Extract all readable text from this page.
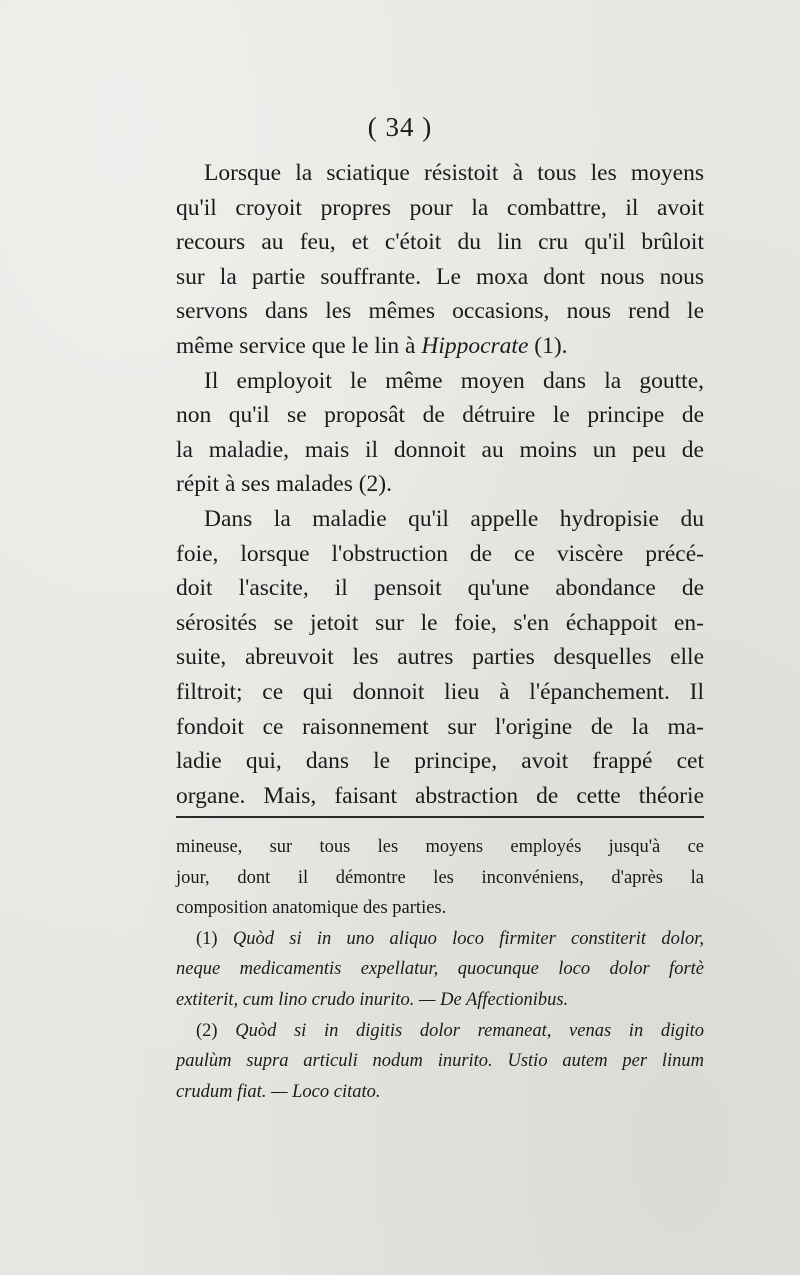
( 34 )
Lorsque la sciatique résistoit à tous les moyens
qu'il croyoit propres pour la combattre, il avoit
recours au feu, et c'étoit du lin cru qu'il brûloit
sur la partie souffrante. Le moxa dont nous nous
servons dans les mêmes occasions, nous rend le
même service que le lin à Hippocrate (1).
Il employoit le même moyen dans la goutte,
non qu'il se proposât de détruire le principe de
la maladie, mais il donnoit au moins un peu de
répit à ses malades (2).
Dans la maladie qu'il appelle hydropisie du
foie, lorsque l'obstruction de ce viscère précé-
doit l'ascite, il pensoit qu'une abondance de
sérosités se jetoit sur le foie, s'en échappoit en-
suite, abreuvoit les autres parties desquelles elle
filtroit; ce qui donnoit lieu à l'épanchement. Il
fondoit ce raisonnement sur l'origine de la ma-
ladie qui, dans le principe, avoit frappé cet
organe. Mais, faisant abstraction de cette théorie
mineuse, sur tous les moyens employés jusqu'à ce
jour, dont il démontre les inconvéniens, d'après la
composition anatomique des parties.
(1) Quòd si in uno aliquo loco firmiter constiterit dolor,
neque medicamentis expellatur, quocunque loco dolor fortè
extiterit, cum lino crudo inurito. — De Affectionibus.
(2) Quòd si in digitis dolor remaneat, venas in digito
paulùm supra articuli nodum inurito. Ustio autem per linum
crudum fiat. — Loco citato.
